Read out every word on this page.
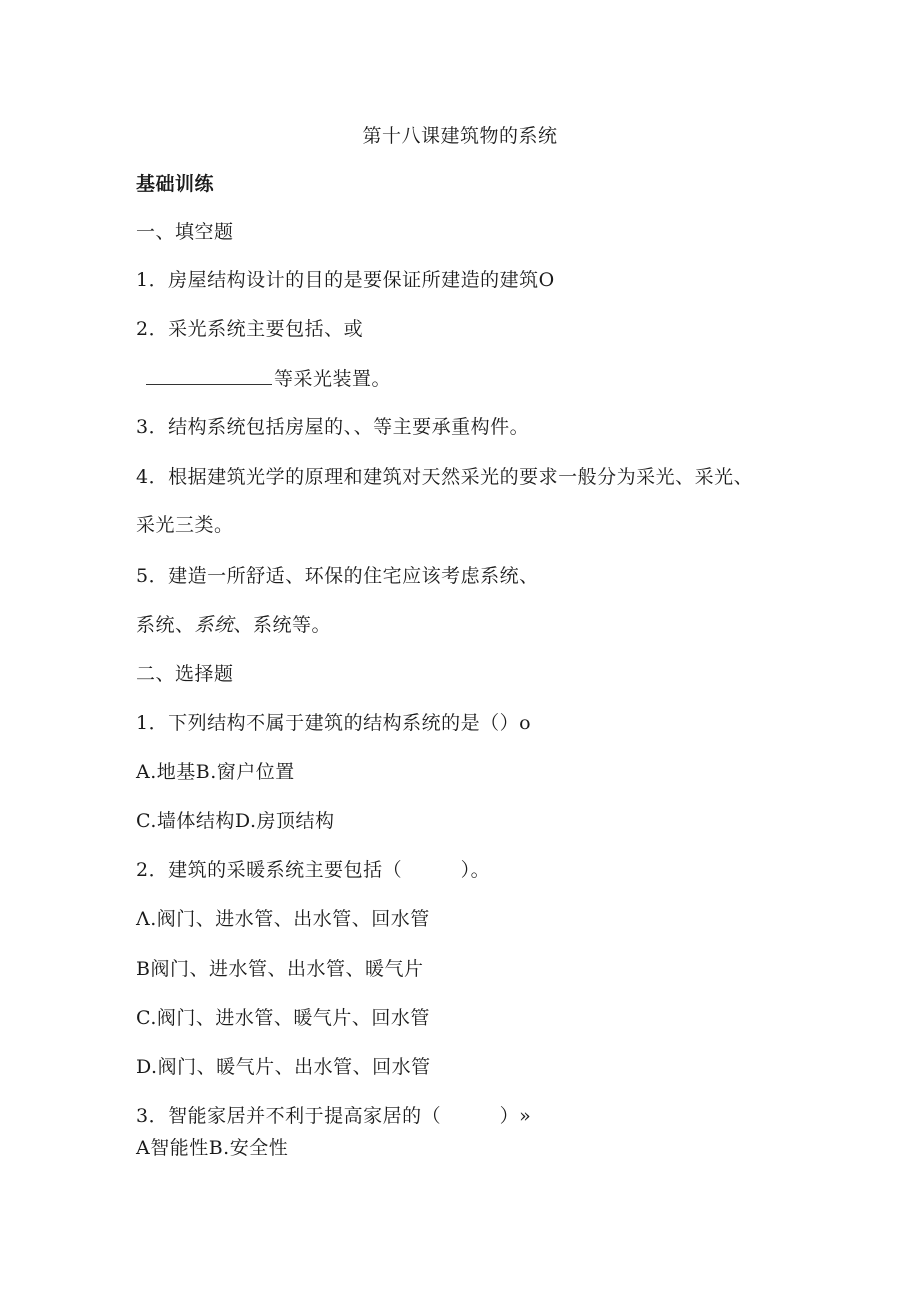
第十八课建筑物的系统
基础训练
一、填空题
1．房屋结构设计的目的是要保证所建造的建筑O
2．采光系统主要包括、或
等采光装置。
3．结构系统包括房屋的、、等主要承重构件。
4．根据建筑光学的原理和建筑对天然采光的要求一般分为采光、采光、
采光三类。
5．建造一所舒适、环保的住宅应该考虑系统、
系统、系统、系统等。
二、选择题
1．下列结构不属于建筑的结构系统的是（）o
A.地基B.窗户位置
C.墙体结构D.房顶结构
2．建筑的采暖系统主要包括（　　　）。
Λ.阀门、进水管、出水管、回水管
B阀门、进水管、出水管、暖气片
C.阀门、进水管、暖气片、回水管
D.阀门、暖气片、出水管、回水管
3．智能家居并不利于提高家居的（　　　）»
A智能性B.安全性
